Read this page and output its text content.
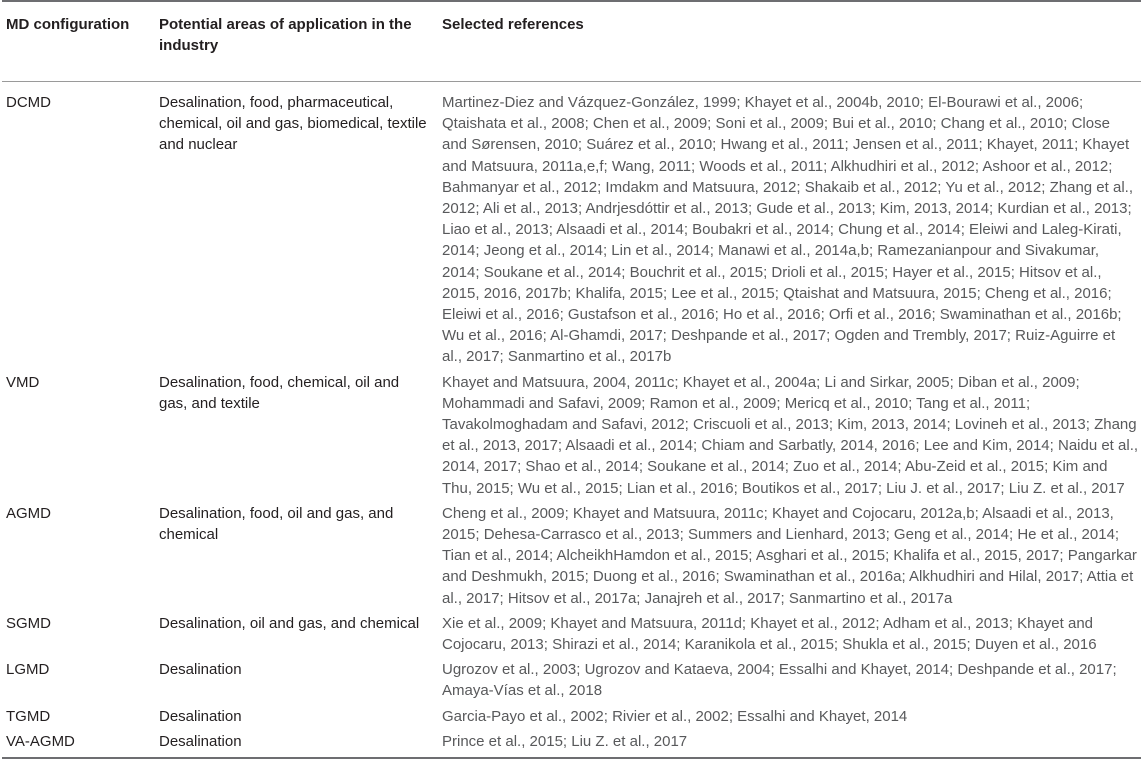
MD configuration	Potential areas of application in the industry	Selected references
DCMD	Desalination, food, pharmaceutical, chemical, oil and gas, biomedical, textile and nuclear	Martinez-Diez and Vázquez-González, 1999; Khayet et al., 2004b, 2010; El-Bourawi et al., 2006; Qtaishata et al., 2008; Chen et al., 2009; Soni et al., 2009; Bui et al., 2010; Chang et al., 2010; Close and Sørensen, 2010; Suárez et al., 2010; Hwang et al., 2011; Jensen et al., 2011; Khayet, 2011; Khayet and Matsuura, 2011a,e,f; Wang, 2011; Woods et al., 2011; Alkhudhiri et al., 2012; Ashoor et al., 2012; Bahmanyar et al., 2012; Imdakm and Matsuura, 2012; Shakaib et al., 2012; Yu et al., 2012; Zhang et al., 2012; Ali et al., 2013; Andrjesdóttir et al., 2013; Gude et al., 2013; Kim, 2013, 2014; Kurdian et al., 2013; Liao et al., 2013; Alsaadi et al., 2014; Boubakri et al., 2014; Chung et al., 2014; Eleiwi and Laleg-Kirati, 2014; Jeong et al., 2014; Lin et al., 2014; Manawi et al., 2014a,b; Ramezanianpour and Sivakumar, 2014; Soukane et al., 2014; Bouchrit et al., 2015; Drioli et al., 2015; Hayer et al., 2015; Hitsov et al., 2015, 2016, 2017b; Khalifa, 2015; Lee et al., 2015; Qtaishat and Matsuura, 2015; Cheng et al., 2016; Eleiwi et al., 2016; Gustafson et al., 2016; Ho et al., 2016; Orfi et al., 2016; Swaminathan et al., 2016b; Wu et al., 2016; Al-Ghamdi, 2017; Deshpande et al., 2017; Ogden and Trembly, 2017; Ruiz-Aguirre et al., 2017; Sanmartino et al., 2017b
VMD	Desalination, food, chemical, oil and gas, and textile	Khayet and Matsuura, 2004, 2011c; Khayet et al., 2004a; Li and Sirkar, 2005; Diban et al., 2009; Mohammadi and Safavi, 2009; Ramon et al., 2009; Mericq et al., 2010; Tang et al., 2011; Tavakolmoghadam and Safavi, 2012; Criscuoli et al., 2013; Kim, 2013, 2014; Lovineh et al., 2013; Zhang et al., 2013, 2017; Alsaadi et al., 2014; Chiam and Sarbatly, 2014, 2016; Lee and Kim, 2014; Naidu et al., 2014, 2017; Shao et al., 2014; Soukane et al., 2014; Zuo et al., 2014; Abu-Zeid et al., 2015; Kim and Thu, 2015; Wu et al., 2015; Lian et al., 2016; Boutikos et al., 2017; Liu J. et al., 2017; Liu Z. et al., 2017
AGMD	Desalination, food, oil and gas, and chemical	Cheng et al., 2009; Khayet and Matsuura, 2011c; Khayet and Cojocaru, 2012a,b; Alsaadi et al., 2013, 2015; Dehesa-Carrasco et al., 2013; Summers and Lienhard, 2013; Geng et al., 2014; He et al., 2014; Tian et al., 2014; AlcheikhHamdon et al., 2015; Asghari et al., 2015; Khalifa et al., 2015, 2017; Pangarkar and Deshmukh, 2015; Duong et al., 2016; Swaminathan et al., 2016a; Alkhudhiri and Hilal, 2017; Attia et al., 2017; Hitsov et al., 2017a; Janajreh et al., 2017; Sanmartino et al., 2017a
SGMD	Desalination, oil and gas, and chemical	Xie et al., 2009; Khayet and Matsuura, 2011d; Khayet et al., 2012; Adham et al., 2013; Khayet and Cojocaru, 2013; Shirazi et al., 2014; Karanikola et al., 2015; Shukla et al., 2015; Duyen et al., 2016
LGMD	Desalination	Ugrozov et al., 2003; Ugrozov and Kataeva, 2004; Essalhi and Khayet, 2014; Deshpande et al., 2017; Amaya-Vías et al., 2018
TGMD	Desalination	Garcia-Payo et al., 2002; Rivier et al., 2002; Essalhi and Khayet, 2014
VA-AGMD	Desalination	Prince et al., 2015; Liu Z. et al., 2017
